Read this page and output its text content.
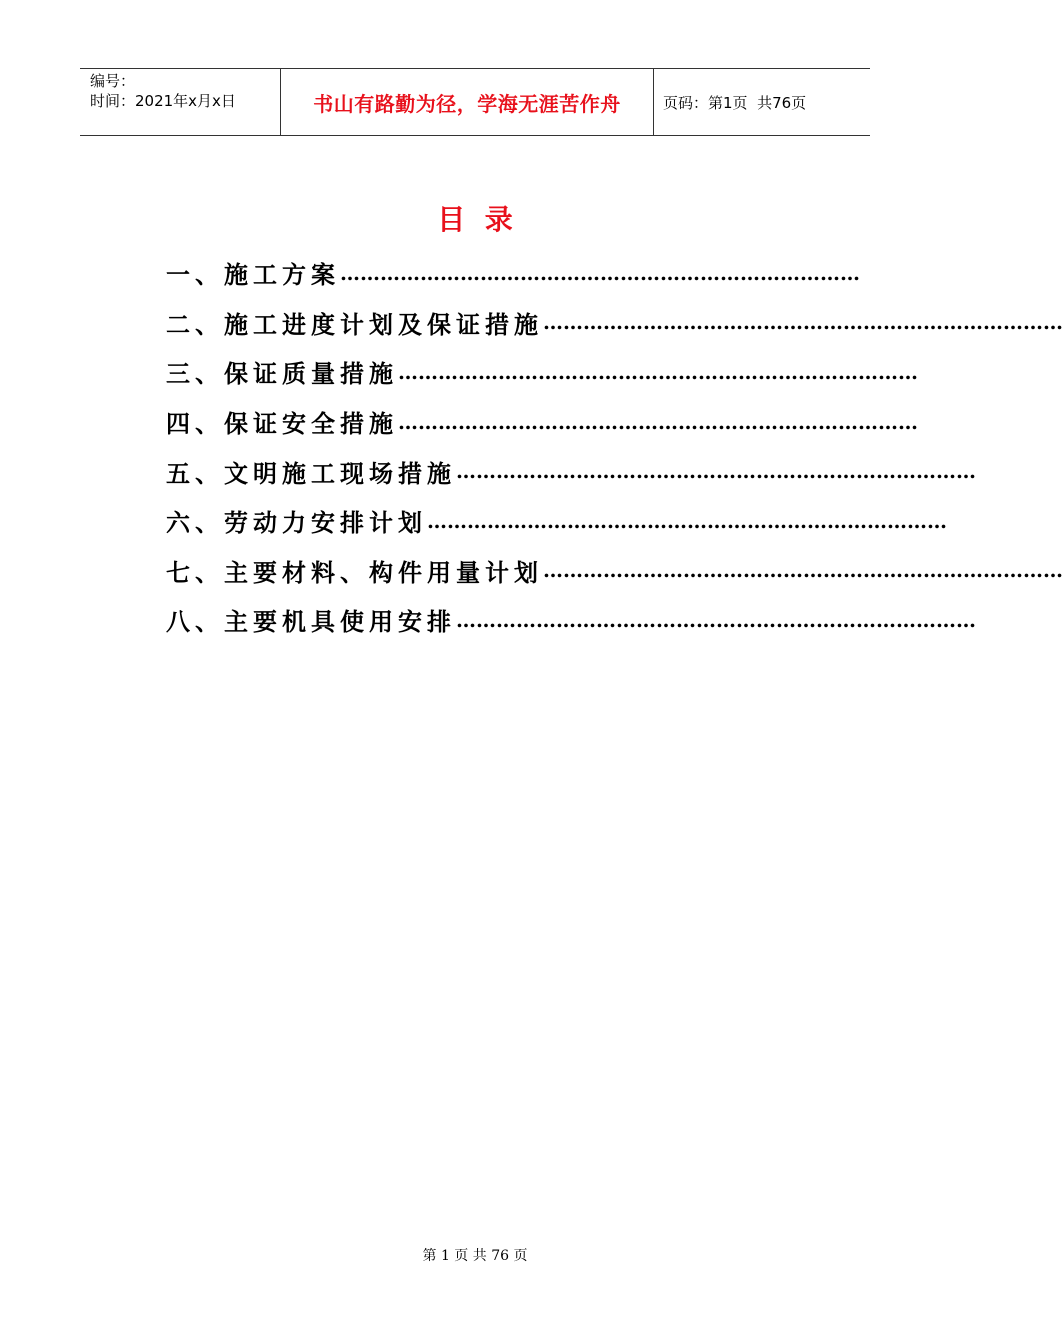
编号：
时间：2021年x月x日	书山有路勤为径，学海无涯苦作舟	页码：第1页  共76页
目  录
一、施工方案 ……………………………………………………………………
二、施工进度计划及保证措施 ……………………………………………………………………
三、保证质量措施 ……………………………………………………………………
四、保证安全措施 ……………………………………………………………………
五、文明施工现场措施 ……………………………………………………………………
六、劳动力安排计划 ……………………………………………………………………
七、主要材料、构件用量计划 ……………………………………………………………………
八、主要机具使用安排 ……………………………………………………………………
第 1 页 共 76 页
